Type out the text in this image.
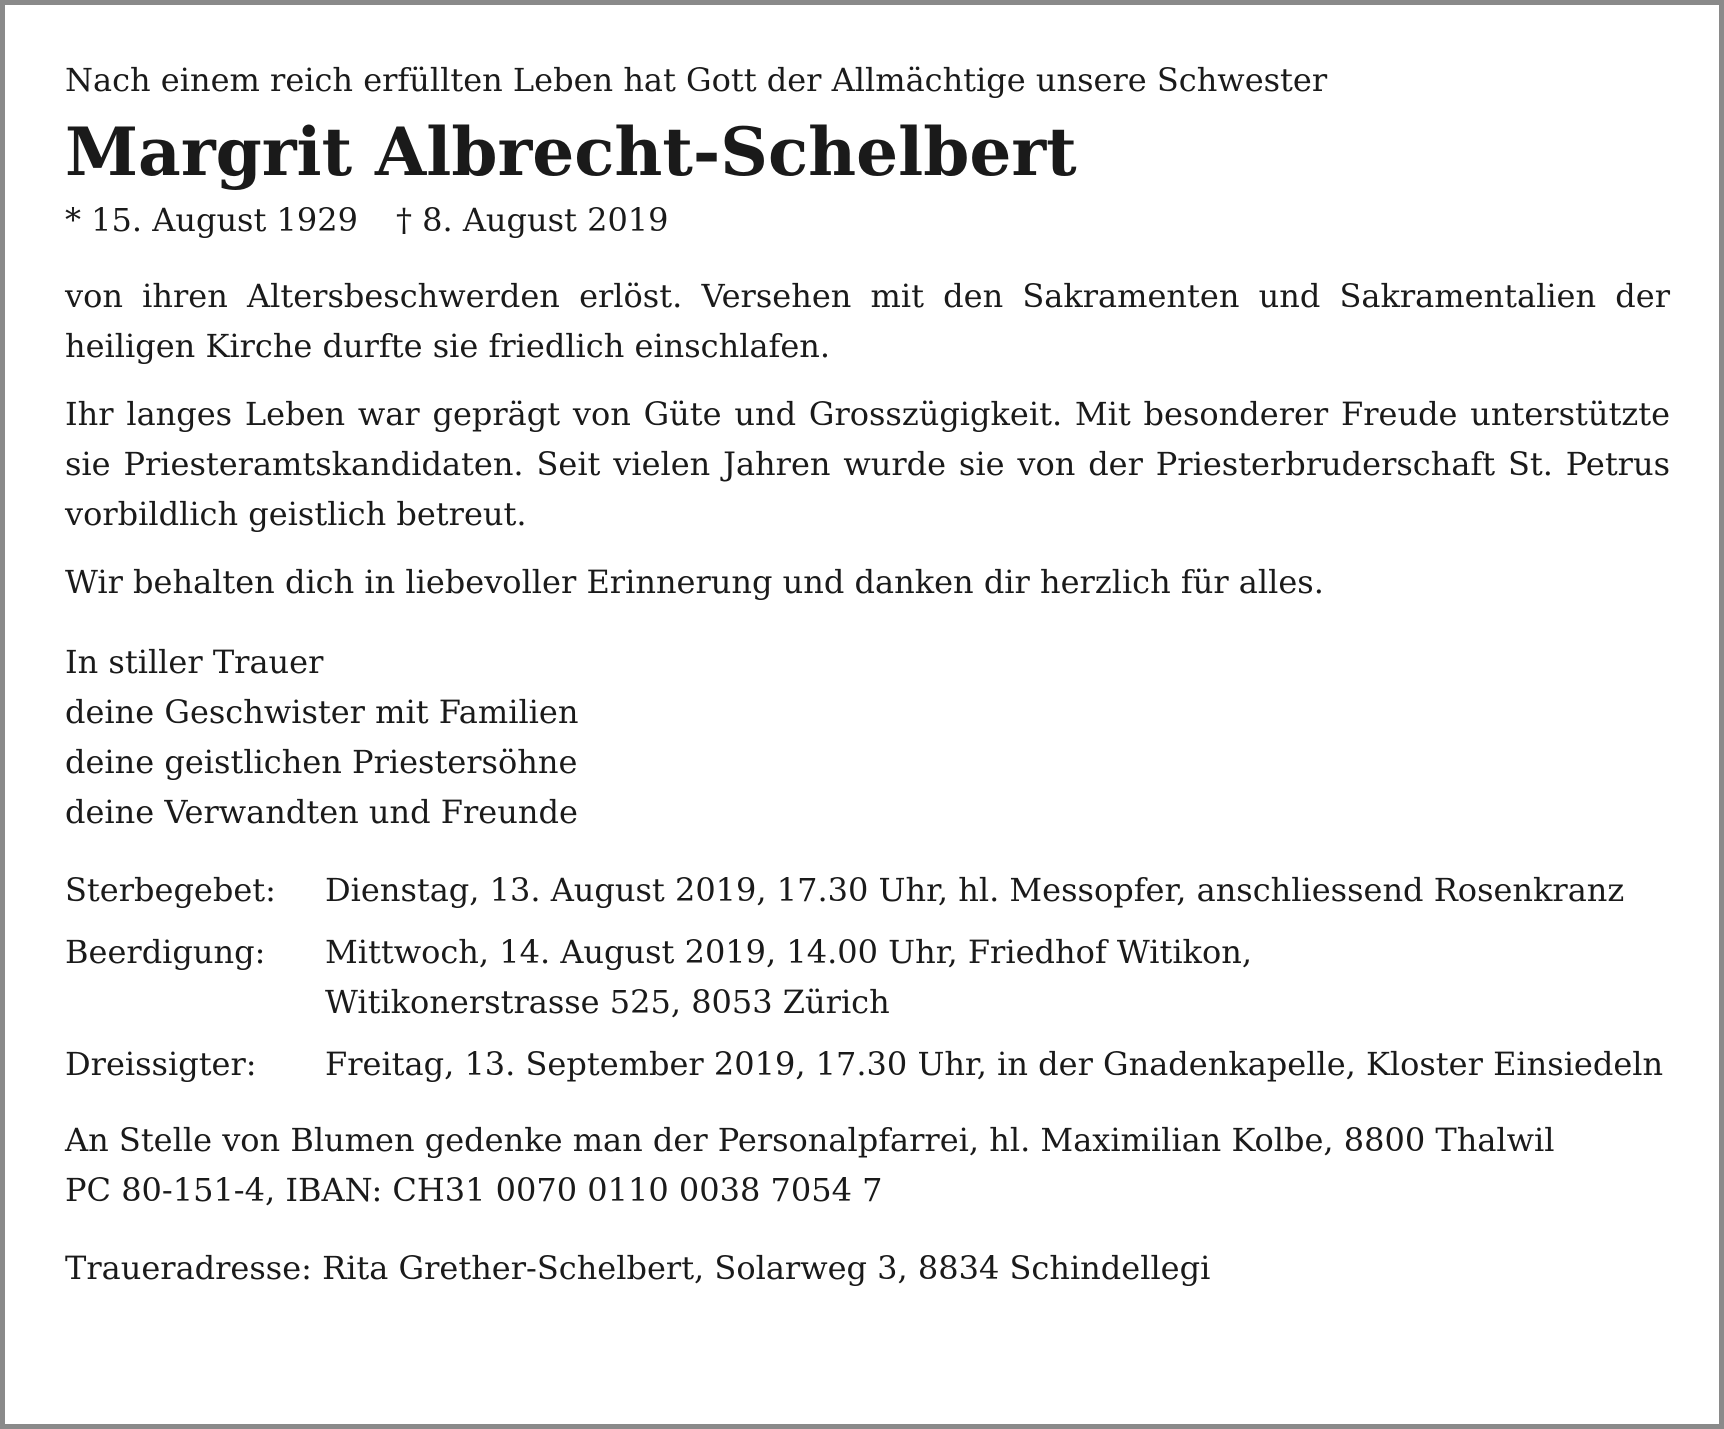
Nach einem reich erfüllten Leben hat Gott der Allmächtige unsere Schwester

Margrit Albrecht-Schelbert

* 15. August 1929 † 8. August 2019

von ihren Altersbeschwerden erlöst. Versehen mit den Sakramenten und Sakramentalien der heiligen Kirche durfte sie friedlich einschlafen.

Ihr langes Leben war geprägt von Güte und Grosszügigkeit. Mit besonderer Freude unterstützte sie Priesteramtskandidaten. Seit vielen Jahren wurde sie von der Priesterbruderschaft St. Petrus vorbildlich geistlich betreut.

Wir behalten dich in liebevoller Erinnerung und danken dir herzlich für alles.

In stiller Trauer

deine Geschwister mit Familien

deine geistlichen Priestersöhne

deine Verwandten und Freunde

Sterbegebet:	Dienstag, 13. August 2019, 17.30 Uhr, hl. Messopfer, anschliessend Rosenkranz
Beerdigung:	Mittwoch, 14. August 2019, 14.00 Uhr, Friedhof Witikon,
Witikonerstrasse 525, 8053 Zürich
Dreissigter:	Freitag, 13. September 2019, 17.30 Uhr, in der Gnadenkapelle, Kloster Einsiedeln

An Stelle von Blumen gedenke man der Personalpfarrei, hl. Maximilian Kolbe, 8800 Thalwil

PC 80-151-4, IBAN: CH31 0070 0110 0038 7054 7

Traueradresse: Rita Grether-Schelbert, Solarweg 3, 8834 Schindellegi
